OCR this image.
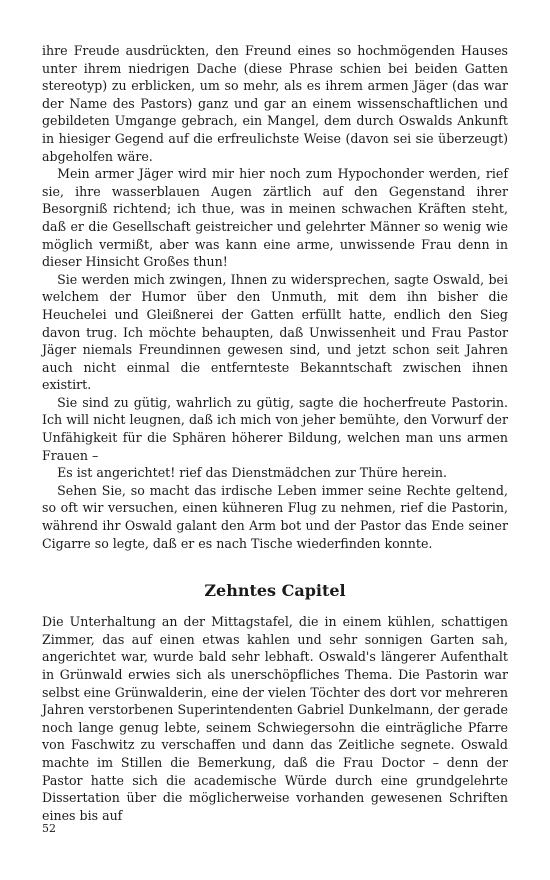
ihre Freude ausdrückten, den Freund eines so hochmögenden Hauses unter ihrem niedrigen Dache (diese Phrase schien bei beiden Gatten stereotyp) zu erblicken, um so mehr, als es ihrem armen Jäger (das war der Name des Pastors) ganz und gar an einem wissenschaftlichen und gebildeten Umgange gebrach, ein Mangel, dem durch Oswalds Ankunft in hiesiger Gegend auf die erfreulichste Weise (davon sei sie überzeugt) abgeholfen wäre.

Mein armer Jäger wird mir hier noch zum Hypochonder werden, rief sie, ihre wasserblauen Augen zärtlich auf den Gegenstand ihrer Besorgniß richtend; ich thue, was in meinen schwachen Kräften steht, daß er die Gesellschaft geistreicher und gelehrter Männer so wenig wie möglich vermißt, aber was kann eine arme, unwissende Frau denn in dieser Hinsicht Großes thun!

Sie werden mich zwingen, Ihnen zu widersprechen, sagte Oswald, bei welchem der Humor über den Unmuth, mit dem ihn bisher die Heuchelei und Gleißnerei der Gatten erfüllt hatte, endlich den Sieg davon trug. Ich möchte behaupten, daß Unwissenheit und Frau Pastor Jäger niemals Freundinnen gewesen sind, und jetzt schon seit Jahren auch nicht einmal die entfernteste Bekanntschaft zwischen ihnen existirt.

Sie sind zu gütig, wahrlich zu gütig, sagte die hocherfreute Pastorin. Ich will nicht leugnen, daß ich mich von jeher bemühte, den Vorwurf der Unfähigkeit für die Sphären höherer Bildung, welchen man uns armen Frauen –

Es ist angerichtet! rief das Dienstmädchen zur Thüre herein.

Sehen Sie, so macht das irdische Leben immer seine Rechte geltend, so oft wir versuchen, einen kühneren Flug zu nehmen, rief die Pastorin, während ihr Oswald galant den Arm bot und der Pastor das Ende seiner Cigarre so legte, daß er es nach Tische wiederfinden konnte.

Zehntes Capitel

Die Unterhaltung an der Mittagstafel, die in einem kühlen, schattigen Zimmer, das auf einen etwas kahlen und sehr sonnigen Garten sah, angerichtet war, wurde bald sehr lebhaft. Oswald's längerer Aufenthalt in Grünwald erwies sich als unerschöpfliches Thema. Die Pastorin war selbst eine Grünwalderin, eine der vielen Töchter des dort vor mehreren Jahren verstorbenen Superintendenten Gabriel Dunkelmann, der gerade noch lange genug lebte, seinem Schwiegersohn die einträgliche Pfarre von Faschwitz zu verschaffen und dann das Zeitliche segnete. Oswald machte im Stillen die Bemerkung, daß die Frau Doctor – denn der Pastor hatte sich die academische Würde durch eine grundgelehrte Dissertation über die möglicherweise vorhanden gewesenen Schriften eines bis auf

52
